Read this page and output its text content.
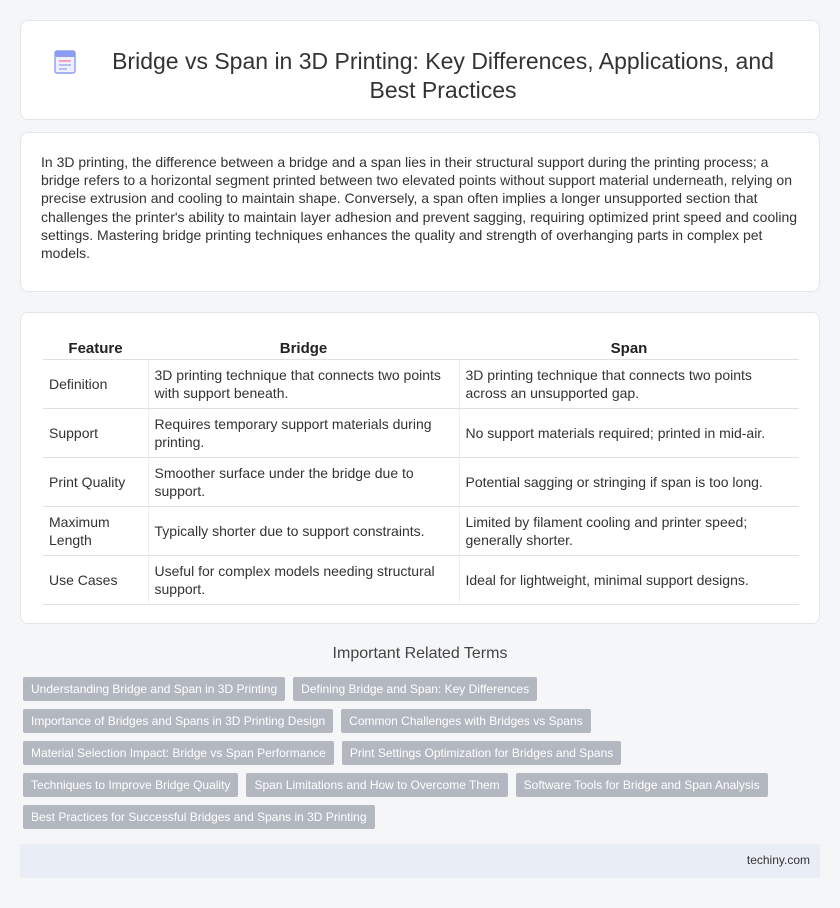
Bridge vs Span in 3D Printing: Key Differences, Applications, and Best Practices

In 3D printing, the difference between a bridge and a span lies in their structural support during the printing process; a bridge refers to a horizontal segment printed between two elevated points without support material underneath, relying on precise extrusion and cooling to maintain shape. Conversely, a span often implies a longer unsupported section that challenges the printer's ability to maintain layer adhesion and prevent sagging, requiring optimized print speed and cooling settings. Mastering bridge printing techniques enhances the quality and strength of overhanging parts in complex pet models.

Feature	Bridge	Span
Definition	3D printing technique that connects two points with support beneath.	3D printing technique that connects two points across an unsupported gap.
Support	Requires temporary support materials during printing.	No support materials required; printed in mid-air.
Print Quality	Smoother surface under the bridge due to support.	Potential sagging or stringing if span is too long.
Maximum Length	Typically shorter due to support constraints.	Limited by filament cooling and printer speed; generally shorter.
Use Cases	Useful for complex models needing structural support.	Ideal for lightweight, minimal support designs.
Important Related Terms
Understanding Bridge and Span in 3D Printing	Defining Bridge and Span: Key Differences
Importance of Bridges and Spans in 3D Printing Design	Common Challenges with Bridges vs Spans
Material Selection Impact: Bridge vs Span Performance	Print Settings Optimization for Bridges and Spans
Techniques to Improve Bridge Quality	Span Limitations and How to Overcome Them	Software Tools for Bridge and Span Analysis
Best Practices for Successful Bridges and Spans in 3D Printing
techiny.com
